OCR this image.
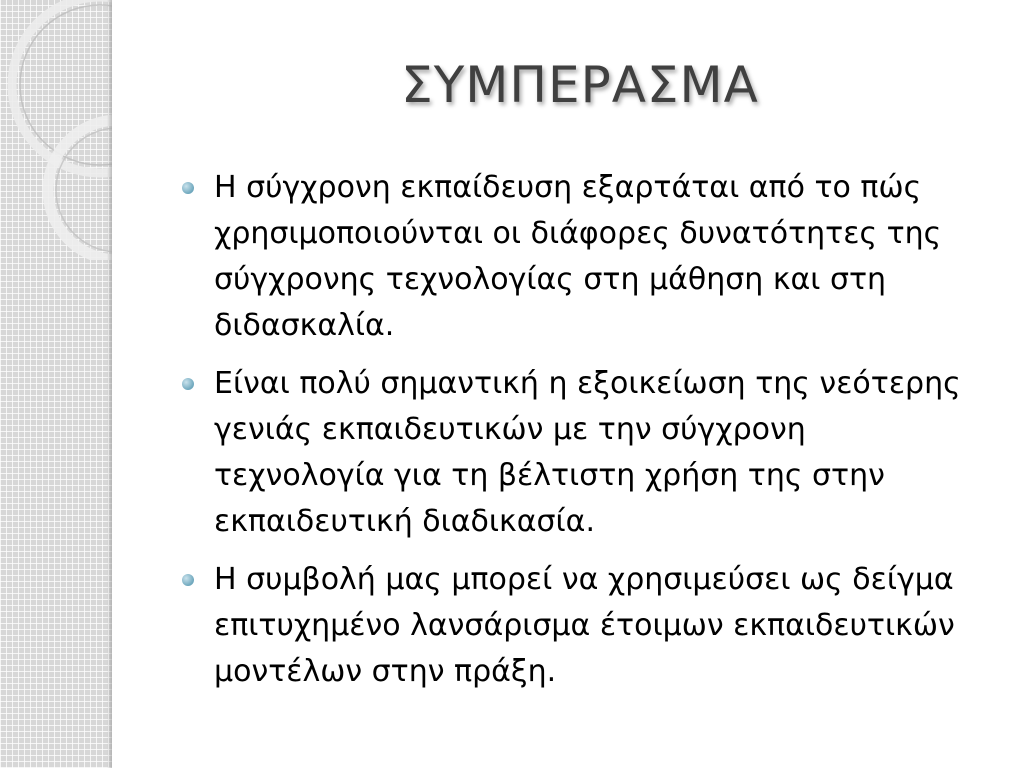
ΣΥΜΠΕΡΑΣΜΑ
Η σύγχρονη εκπαίδευση εξαρτάται από το πώς χρησιμοποιούνται οι διάφορες δυνατότητες της σύγχρονης τεχνολογίας στη μάθηση και στη διδασκαλία.
Είναι πολύ σημαντική η εξοικείωση της νεότερης γενιάς εκπαιδευτικών με την σύγχρονη τεχνολογία για τη βέλτιστη χρήση της στην εκπαιδευτική διαδικασία.
Η συμβολή μας μπορεί να χρησιμεύσει ως δείγμα επιτυχημένο λανσάρισμα έτοιμων εκπαιδευτικών μοντέλων στην πράξη.
